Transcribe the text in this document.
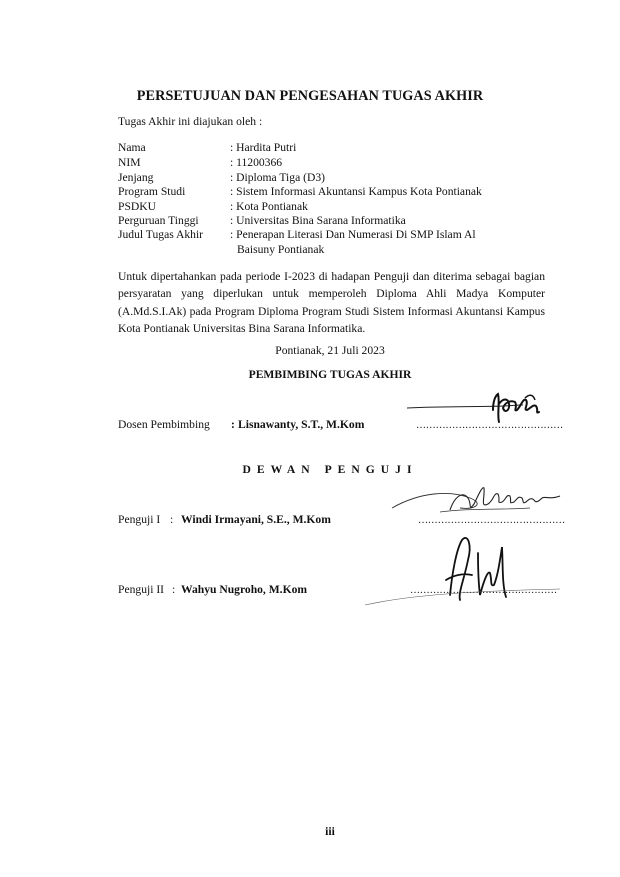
PERSETUJUAN DAN PENGESAHAN TUGAS AKHIR
Tugas Akhir ini diajukan oleh :
Nama	: Hardita Putri
NIM	: 11200366
Jenjang	: Diploma Tiga (D3)
Program Studi	: Sistem Informasi Akuntansi Kampus Kota Pontianak
PSDKU	: Kota Pontianak
Perguruan Tinggi	: Universitas Bina Sarana Informatika
Judul Tugas Akhir : Penerapan Literasi Dan Numerasi Di SMP Islam Al
Baisuny Pontianak
Untuk dipertahankan pada periode I-2023 di hadapan Penguji dan diterima sebagai bagian persyaratan yang diperlukan untuk memperoleh Diploma Ahli Madya Komputer (A.Md.S.I.Ak) pada Program Diploma Program Studi Sistem Informasi Akuntansi Kampus Kota Pontianak Universitas Bina Sarana Informatika.
Pontianak, 21 Juli 2023
PEMBIMBING TUGAS AKHIR
Dosen Pembimbing : Lisnawanty, S.T., M.Kom	………………………………………
DEWAN PENGUJI
Penguji I : Windi Irmayani, S.E., M.Kom	………………………………………
Penguji II : Wahyu Nugroho, M.Kom	………………………………………
iii
